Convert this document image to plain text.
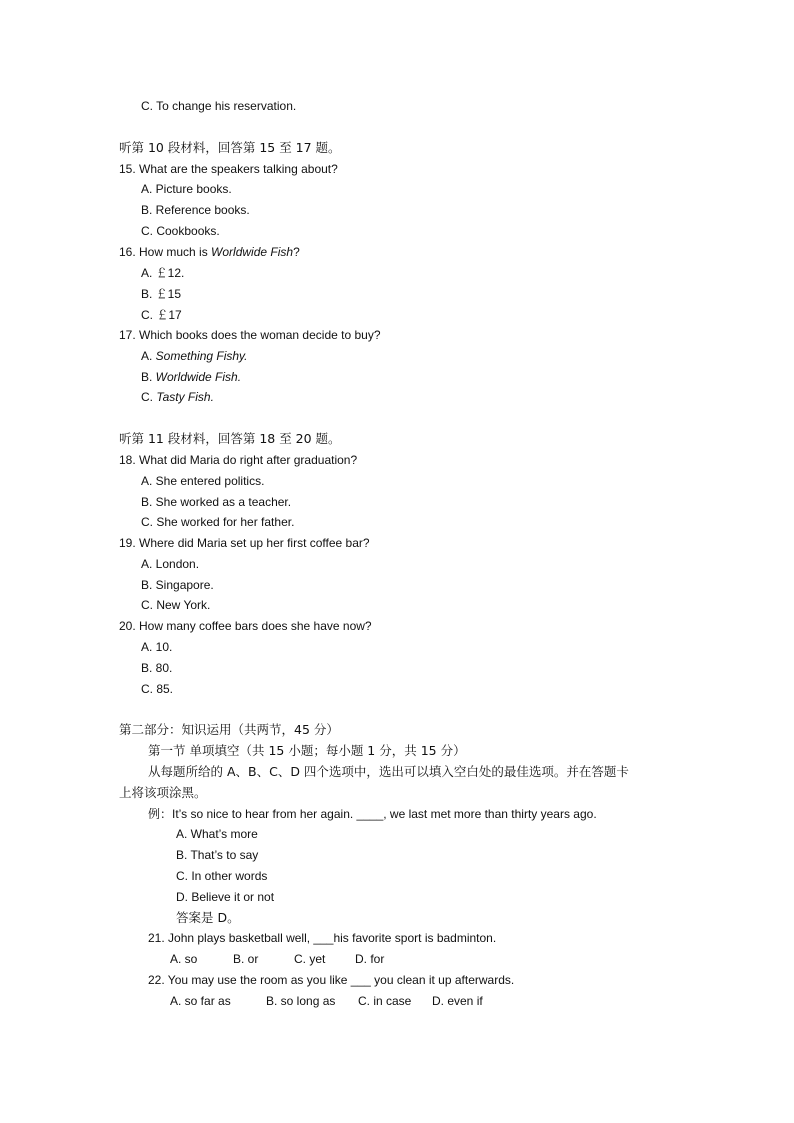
C. To change his reservation.
听第 10 段材料，回答第 15 至 17 题。
15. What are the speakers talking about?
A. Picture books.
B. Reference books.
C. Cookbooks.
16. How much is Worldwide Fish?
A. ￡12.
B. ￡15
C. ￡17
17. Which books does the woman decide to buy?
A. Something Fishy.
B. Worldwide Fish.
C. Tasty Fish.
听第 11 段材料，回答第 18 至 20 题。
18. What did Maria do right after graduation?
A. She entered politics.
B. She worked as a teacher.
C. She worked for her father.
19. Where did Maria set up her first coffee bar?
A. London.
B. Singapore.
C. New York.
20. How many coffee bars does she have now?
A. 10.
B. 80.
C. 85.
第二部分：知识运用（共两节，45 分）
第一节 单项填空（共 15 小题；每小题 1 分，共 15 分）
从每题所给的 A、B、C、D 四个选项中，选出可以填入空白处的最佳选项。并在答题卡
上将该项涂黑。
例：It’s so nice to hear from her again. ____, we last met more than thirty years ago.
A. What’s more
B. That’s to say
C. In other words
D. Believe it or not
答案是 D。
21. John plays basketball well, ___his favorite sport is badminton.
A. so	B. or	C. yet D. for
22. You may use the room as you like ___ you clean it up afterwards.
A. so far as	B. so long as C. in case D. even if
